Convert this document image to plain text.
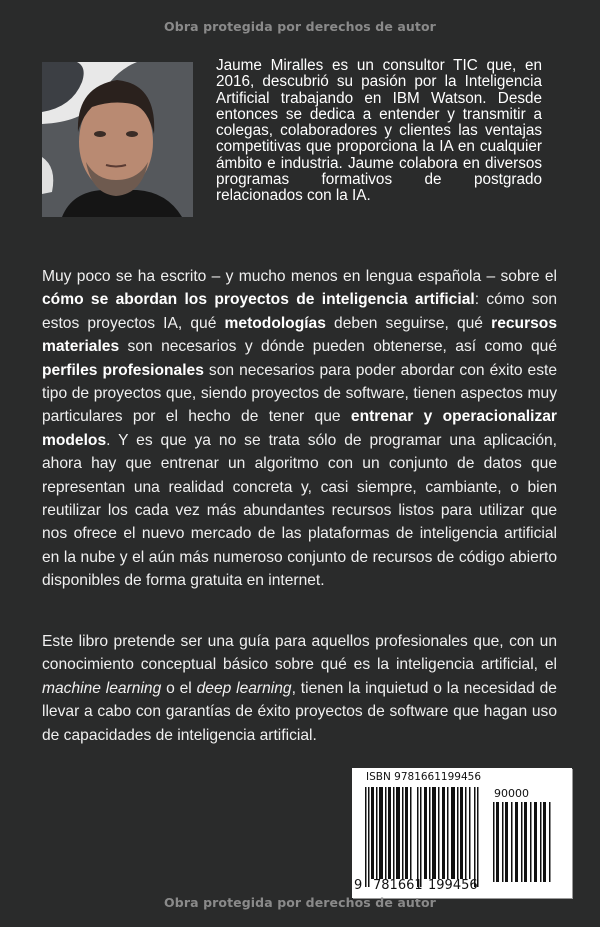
Obra protegida por derechos de autor
Jaume Miralles es un consultor TIC que, en 2016, descubrió su pasión por la Inteligencia Artificial trabajando en IBM Watson. Desde entonces se dedica a entender y transmitir a colegas, colaboradores y clientes las ventajas competitivas que proporciona la IA en cualquier ámbito e industria. Jaume colabora en diversos programas formativos de postgrado relacionados con la IA.
Muy poco se ha escrito – y mucho menos en lengua española – sobre el cómo se abordan los proyectos de inteligencia artificial: cómo son estos proyectos IA, qué metodologías deben seguirse, qué recursos materiales son necesarios y dónde pueden obtenerse, así como qué perfiles profesionales son necesarios para poder abordar con éxito este tipo de proyectos que, siendo proyectos de software, tienen aspectos muy particulares por el hecho de tener que entrenar y operacionalizar modelos. Y es que ya no se trata sólo de programar una aplicación, ahora hay que entrenar un algoritmo con un conjunto de datos que representan una realidad concreta y, casi siempre, cambiante, o bien reutilizar los cada vez más abundantes recursos listos para utilizar que nos ofrece el nuevo mercado de las plataformas de inteligencia artificial en la nube y el aún más numeroso conjunto de recursos de código abierto disponibles de forma gratuita en internet.
Este libro pretende ser una guía para aquellos profesionales que, con un conocimiento conceptual básico sobre qué es la inteligencia artificial, el machine learning o el deep learning, tienen la inquietud o la necesidad de llevar a cabo con garantías de éxito proyectos de software que hagan uso de capacidades de inteligencia artificial.
ISBN 9781661199456
90000
9 781661 199456
Obra protegida por derechos de autor
